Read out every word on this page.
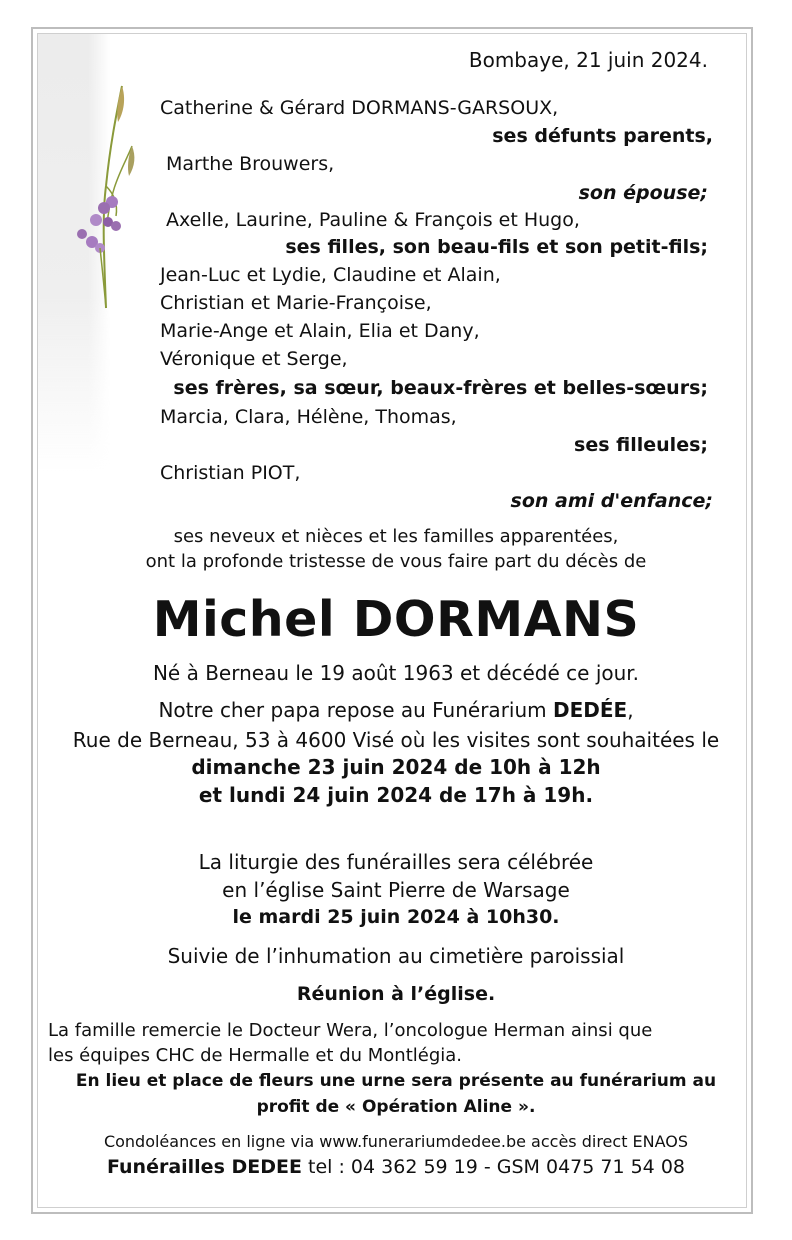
Bombaye, 21 juin 2024.
Catherine & Gérard DORMANS-GARSOUX,
ses défunts parents,
Marthe Brouwers,
son épouse;
Axelle, Laurine, Pauline & François et Hugo,
ses filles, son beau-fils et son petit-fils;
Jean-Luc et Lydie, Claudine et Alain,
Christian et Marie-Françoise,
Marie-Ange et Alain, Elia et Dany,
Véronique et Serge,
ses frères, sa sœur, beaux-frères et belles-sœurs;
Marcia, Clara, Hélène, Thomas,
ses filleules;
Christian PIOT,
son ami d'enfance;
ses neveux et nièces et les familles apparentées,
ont la profonde tristesse de vous faire part du décès de
Michel DORMANS
Né à Berneau le 19 août 1963 et décédé ce jour.
Notre cher papa repose au Funérarium DEDÉE,
Rue de Berneau, 53 à 4600 Visé où les visites sont souhaitées le
dimanche 23 juin 2024 de 10h à 12h
et lundi 24 juin 2024 de 17h à 19h.
La liturgie des funérailles sera célébrée
en l’église Saint Pierre de Warsage
le mardi 25 juin 2024 à 10h30.
Suivie de l’inhumation au cimetière paroissial
Réunion à l’église.
La famille remercie le Docteur Wera, l’oncologue Herman ainsi que
les équipes CHC de Hermalle et du Montlégia.
En lieu et place de fleurs une urne sera présente au funérarium au
profit de « Opération Aline ».
Condoléances en ligne via www.funerariumdedee.be accès direct ENAOS
Funérailles DEDEE tel : 04 362 59 19 - GSM 0475 71 54 08
